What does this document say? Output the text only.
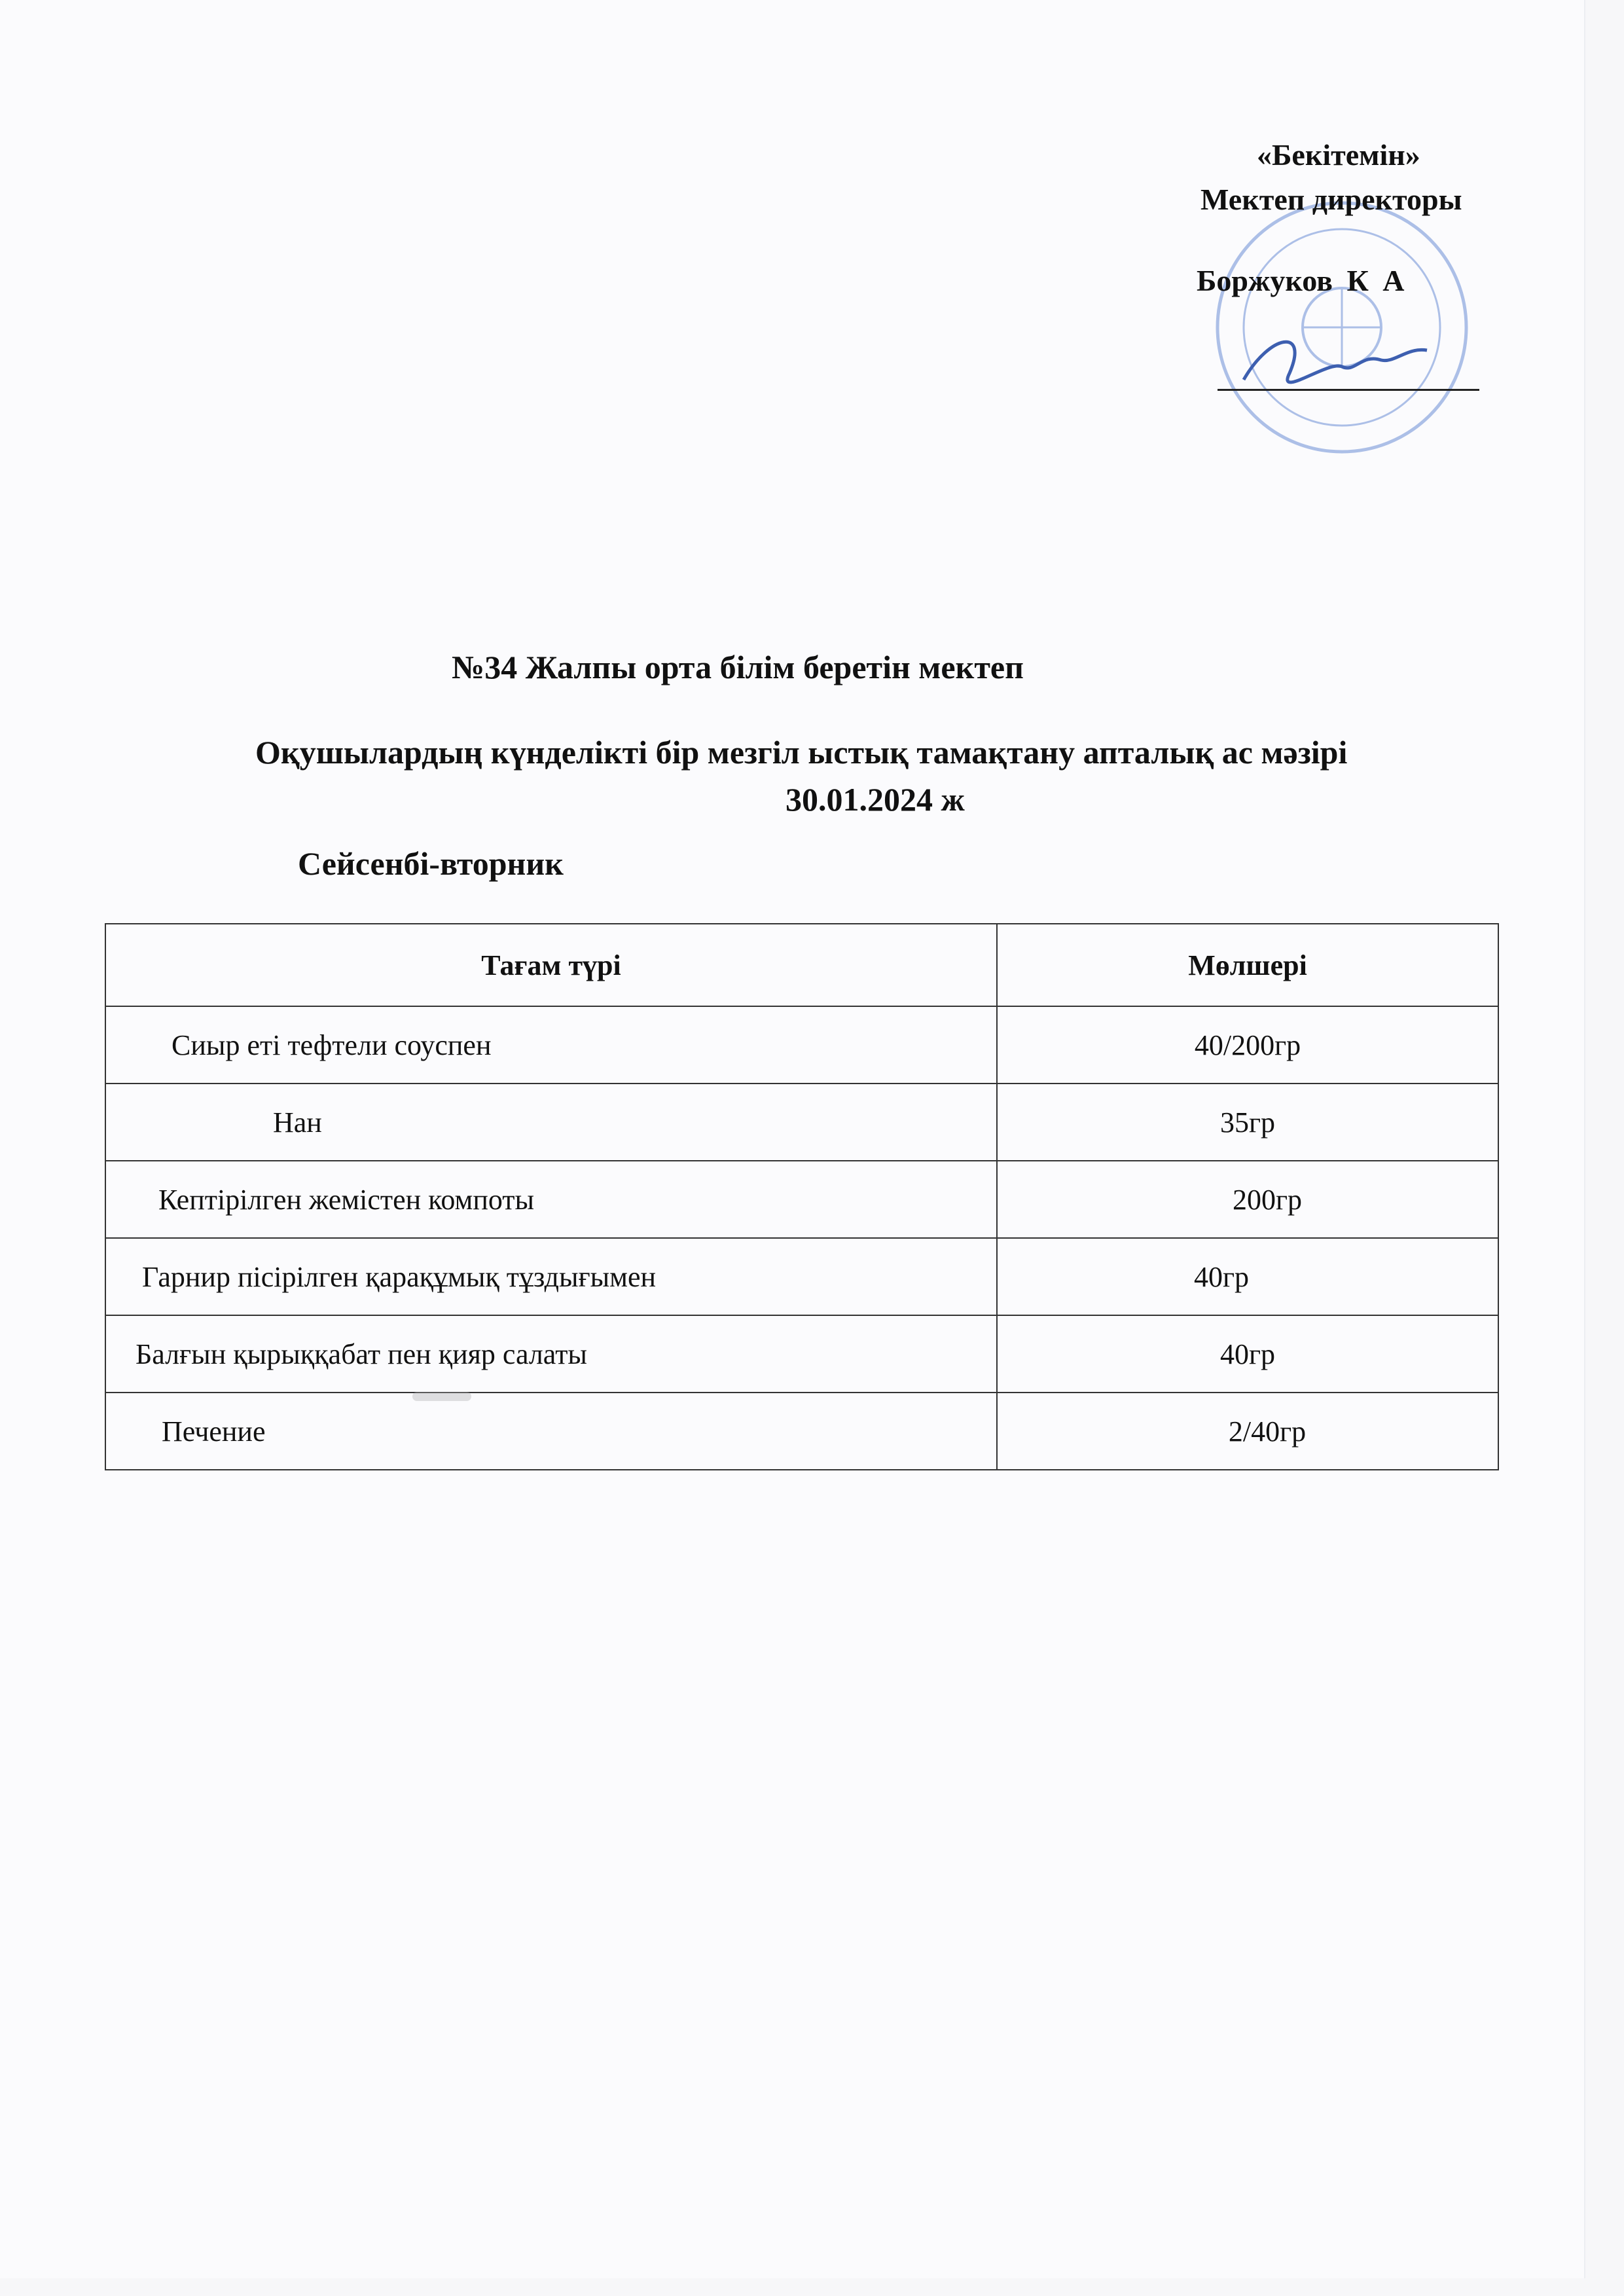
«Бекітемін»
Мектеп директоры
Боржуков К А
№34 Жалпы орта білім беретін мектеп
Оқушылардың күнделікті бір мезгіл ыстық тамақтану апталық ас мәзірі
30.01.2024 ж
Сейсенбі-вторник
Тағам түрі	Мөлшері
Сиыр еті тефтели соуспен	40/200гр
Нан	35гр
Кептірілген жемістен компоты	200гр
Гарнир пісірілген қарақұмық тұздығымен	40гр
Балғын қырыққабат пен қияр салаты	40гр
Печение	2/40гр
